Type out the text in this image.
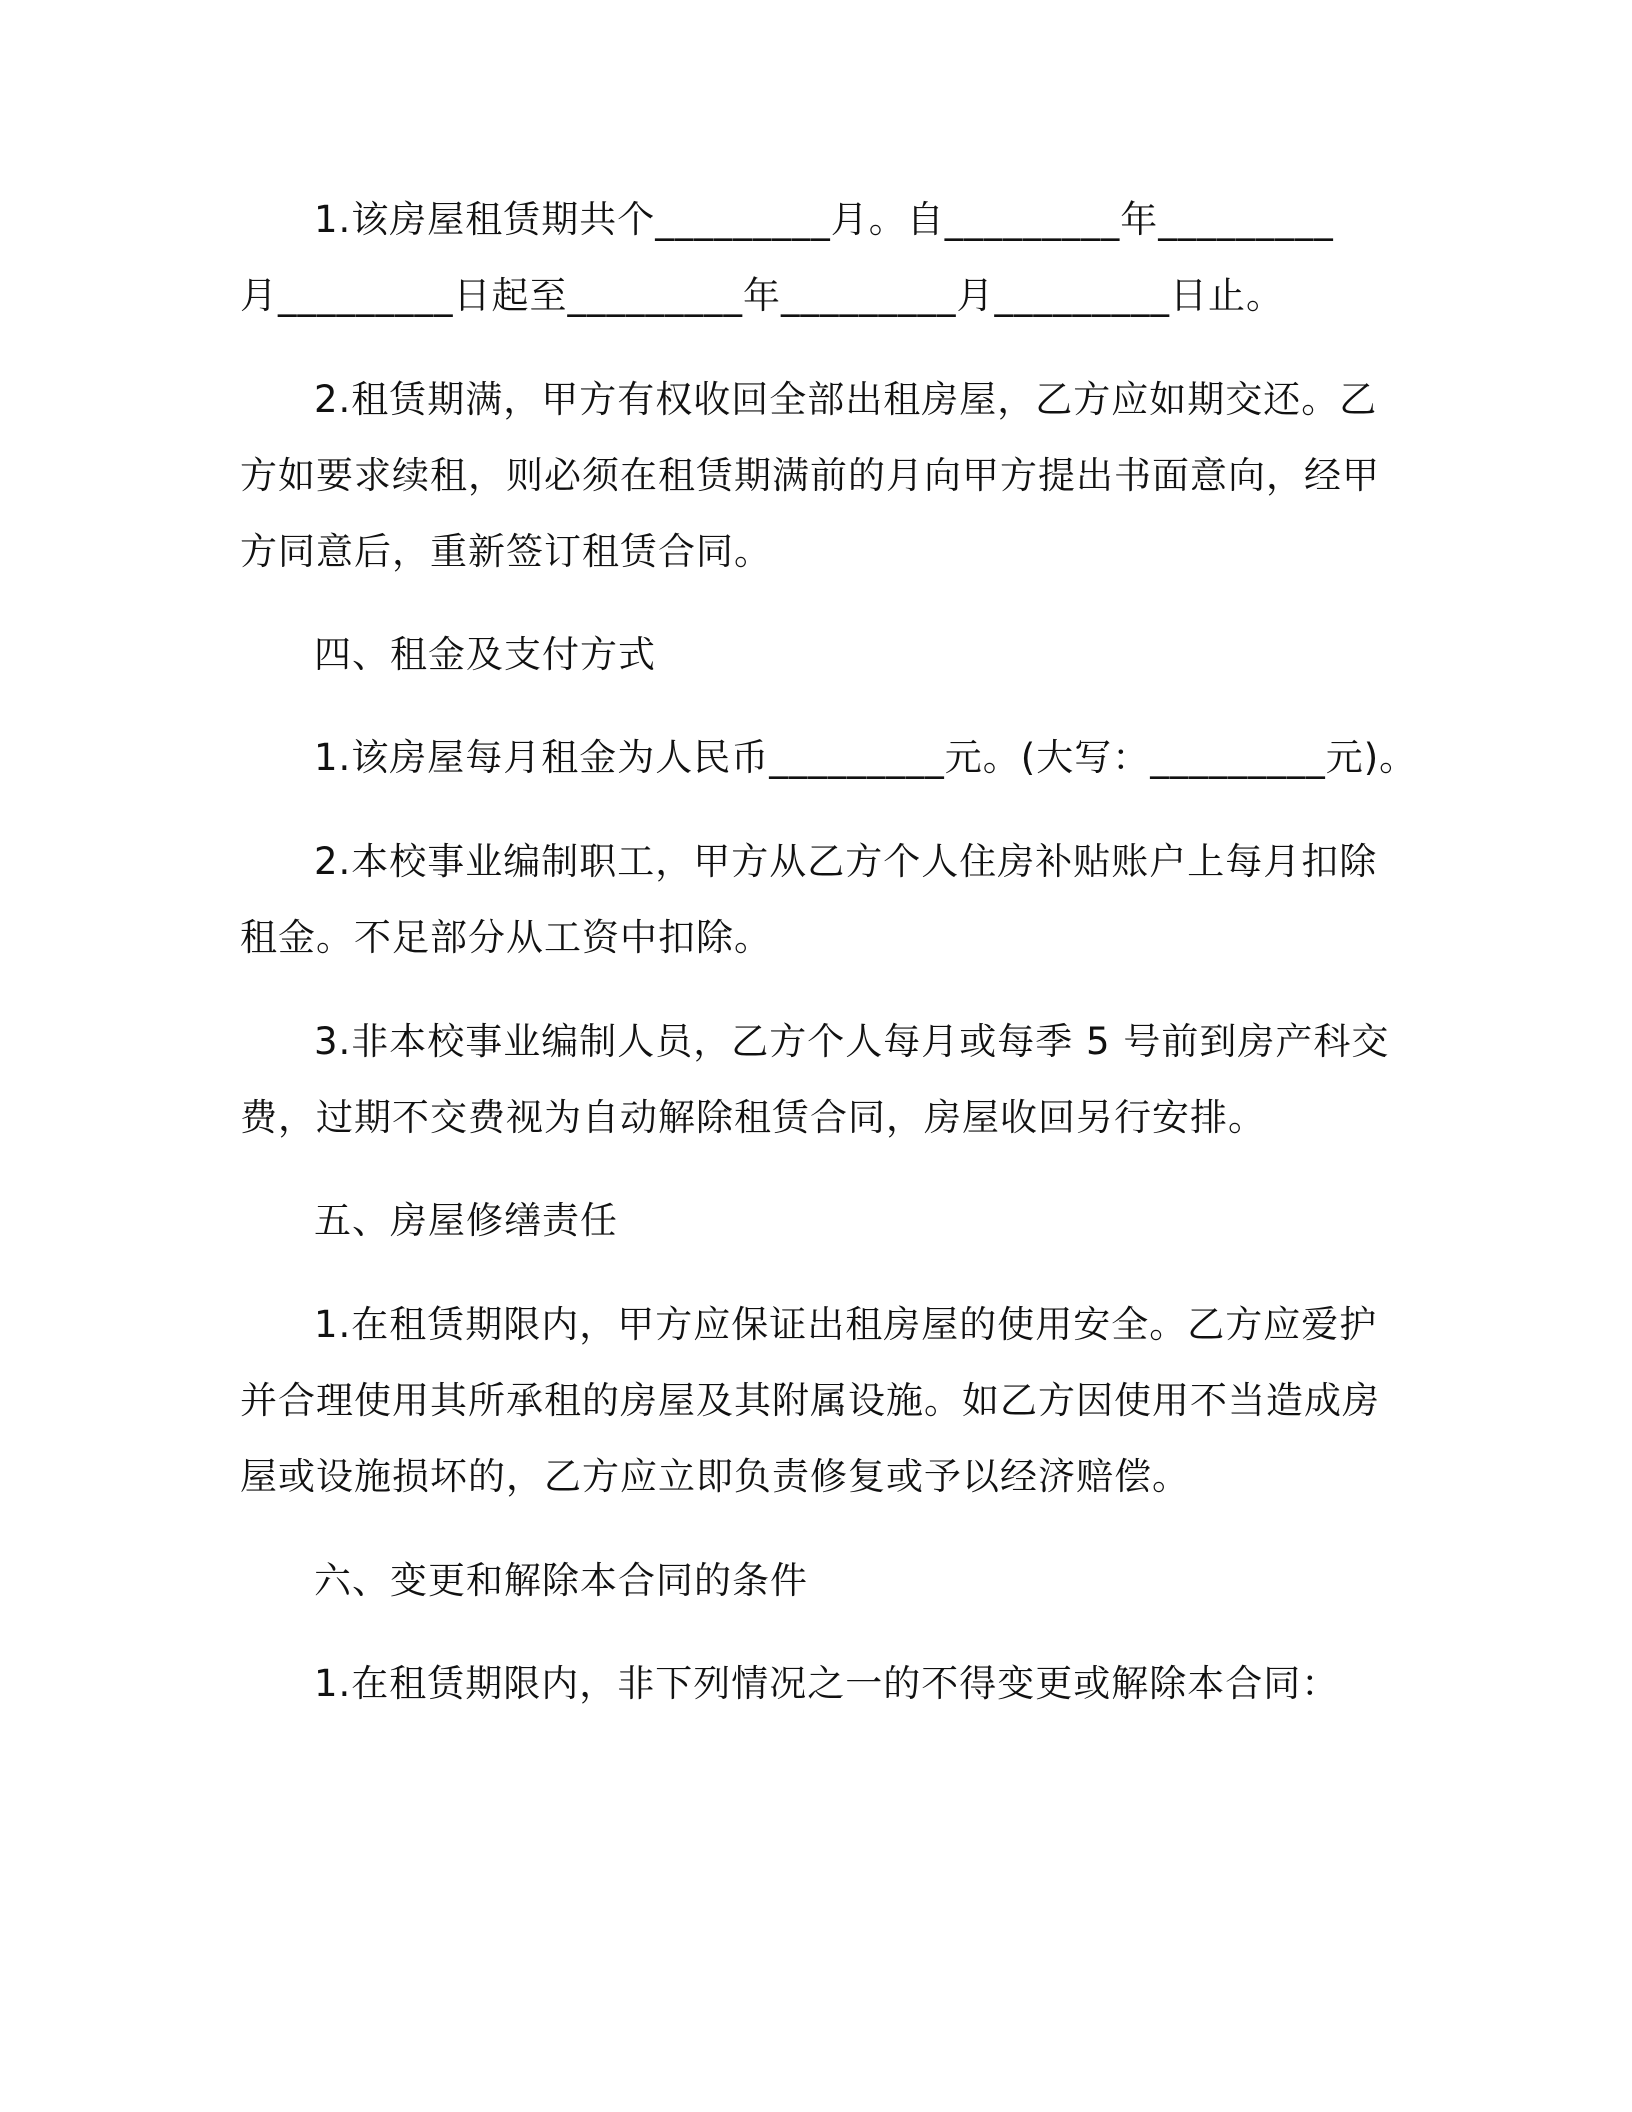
1.该房屋租赁期共个_________月。自_________年_________
月_________日起至_________年_________月_________日止。
2.租赁期满，甲方有权收回全部出租房屋，乙方应如期交还。乙
方如要求续租，则必须在租赁期满前的月向甲方提出书面意向，经甲
方同意后，重新签订租赁合同。
四、租金及支付方式
1.该房屋每月租金为人民币_________元。(大写：_________元)。
2.本校事业编制职工，甲方从乙方个人住房补贴账户上每月扣除
租金。不足部分从工资中扣除。
3.非本校事业编制人员，乙方个人每月或每季 5 号前到房产科交
费，过期不交费视为自动解除租赁合同，房屋收回另行安排。
五、房屋修缮责任
1.在租赁期限内，甲方应保证出租房屋的使用安全。乙方应爱护
并合理使用其所承租的房屋及其附属设施。如乙方因使用不当造成房
屋或设施损坏的，乙方应立即负责修复或予以经济赔偿。
六、变更和解除本合同的条件
1.在租赁期限内，非下列情况之一的不得变更或解除本合同：
